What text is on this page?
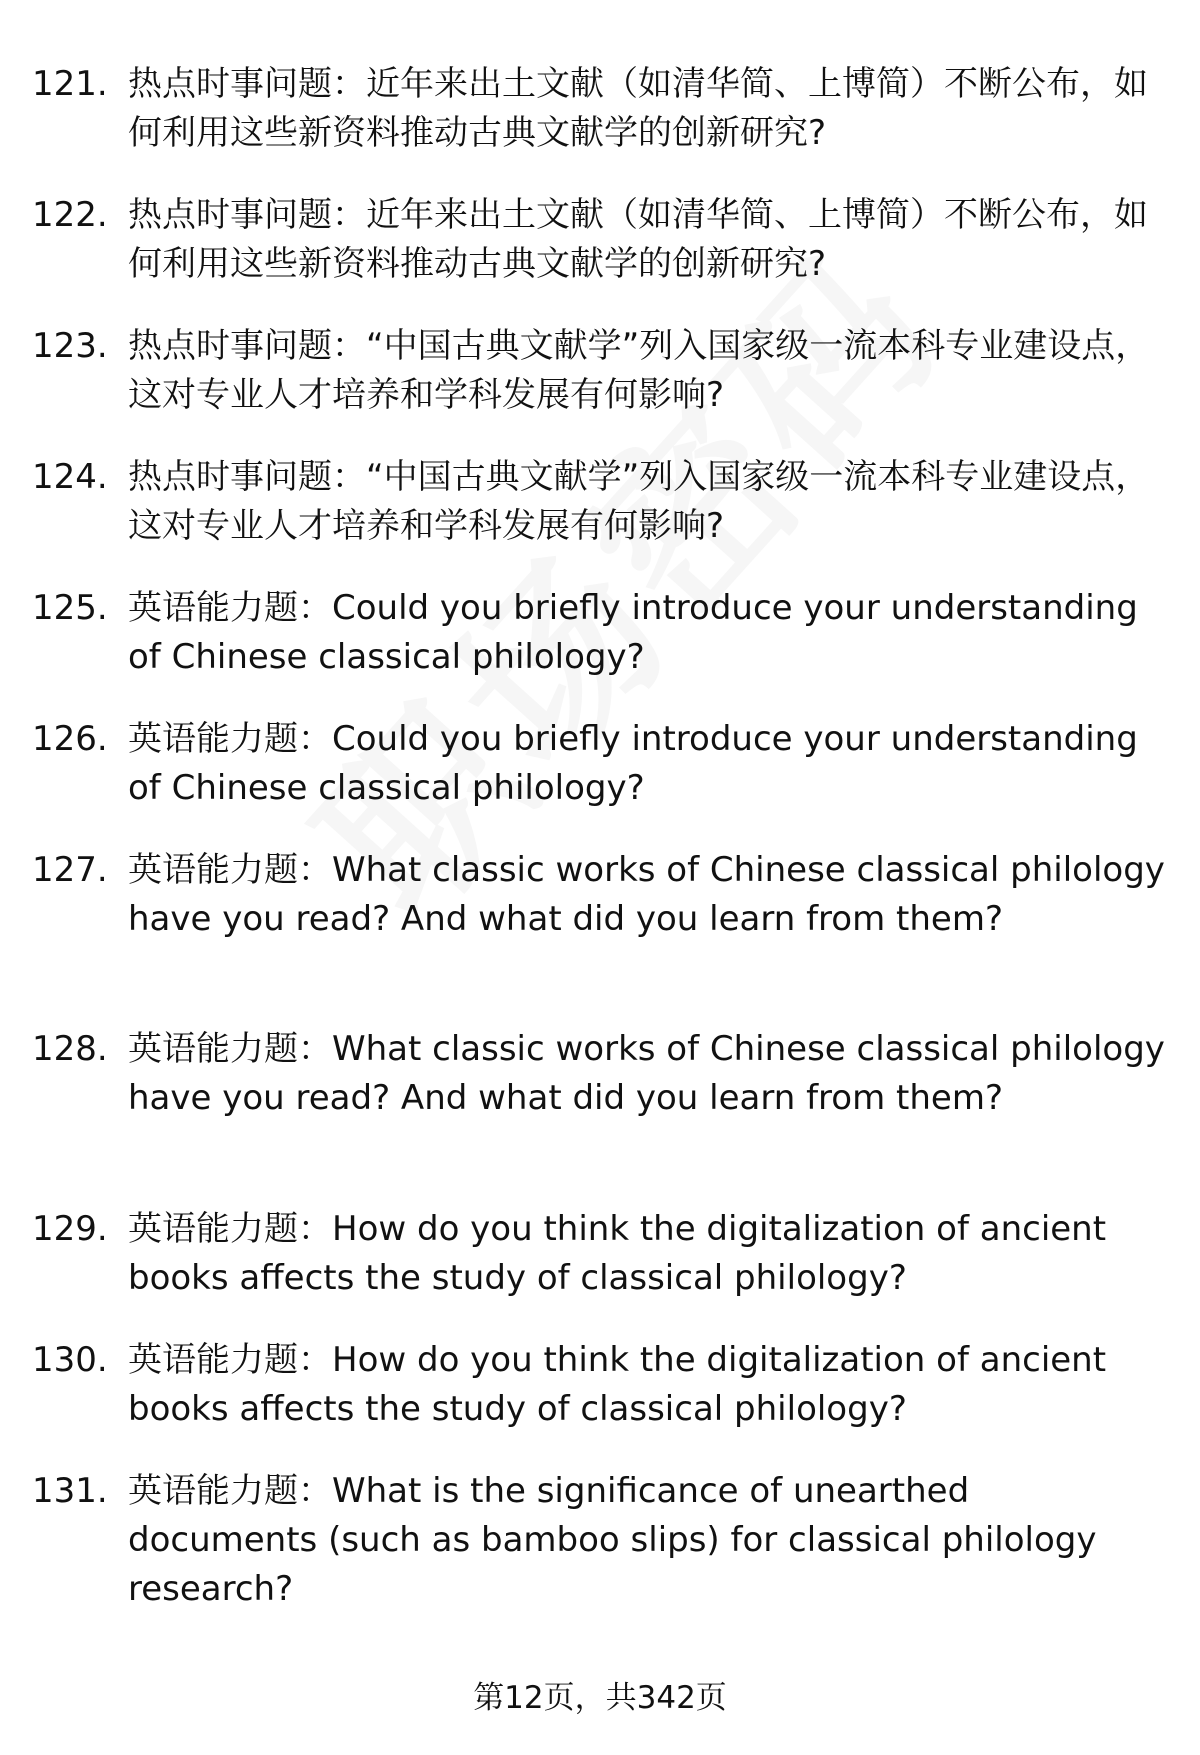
121. 热点时事问题：近年来出土文献（如清华简、上博简）不断公布，如何利用这些新资料推动古典文献学的创新研究?
122. 热点时事问题：近年来出土文献（如清华简、上博简）不断公布，如何利用这些新资料推动古典文献学的创新研究?
123. 热点时事问题：“中国古典文献学”列入国家级一流本科专业建设点，这对专业人才培养和学科发展有何影响?
124. 热点时事问题：“中国古典文献学”列入国家级一流本科专业建设点，这对专业人才培养和学科发展有何影响?
125. 英语能力题：Could you briefly introduce your understanding of Chinese classical philology?
126. 英语能力题：Could you briefly introduce your understanding of Chinese classical philology?
127. 英语能力题：What classic works of Chinese classical philology have you read? And what did you learn from them?
128. 英语能力题：What classic works of Chinese classical philology have you read? And what did you learn from them?
129. 英语能力题：How do you think the digitalization of ancient books affects the study of classical philology?
130. 英语能力题：How do you think the digitalization of ancient books affects the study of classical philology?
131. 英语能力题：What is the significance of unearthed documents (such as bamboo slips) for classical philology research?
第12页，共342页
